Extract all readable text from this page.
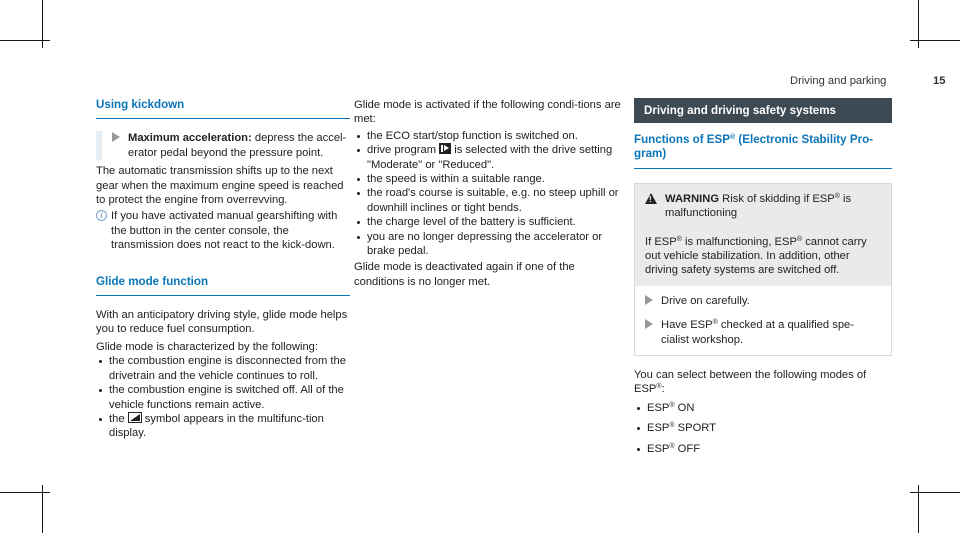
Driving and parking	15
Using kickdown
Maximum acceleration: depress the accel-erator pedal beyond the pressure point.

The automatic transmission shifts up to the next gear when the maximum engine speed is reached to protect the engine from overrevving.

i If you have activated manual gearshifting with the button in the center console, the transmission does not react to the kick-down.
Glide mode function

With an anticipatory driving style, glide mode helps you to reduce fuel consumption.

Glide mode is characterized by the following:

the combustion engine is disconnected from the drivetrain and the vehicle continues to roll.
the combustion engine is switched off. All of the vehicle functions remain active.
the symbol appears in the multifunc-tion display.

Glide mode is activated if the following condi-tions are met:

the ECO start/stop function is switched on.
drive program is selected with the drive setting "Moderate" or "Reduced".
the speed is within a suitable range.
the road's course is suitable, e.g. no steep uphill or downhill inclines or tight bends.
the charge level of the battery is sufficient.
you are no longer depressing the accelerator or brake pedal.

Glide mode is deactivated again if one of the conditions is no longer met.

Driving and driving safety systems
Functions of ESP® (Electronic Stability Pro-gram)
!
WARNING Risk of skidding if ESP® is malfunctioning
If ESP® is malfunctioning, ESP® cannot carry out vehicle stabilization. In addition, other driving safety systems are switched off.
Drive on carefully.
Have ESP® checked at a qualified spe-cialist workshop.

You can select between the following modes of ESP®:

ESP® ON
ESP® SPORT
ESP® OFF
